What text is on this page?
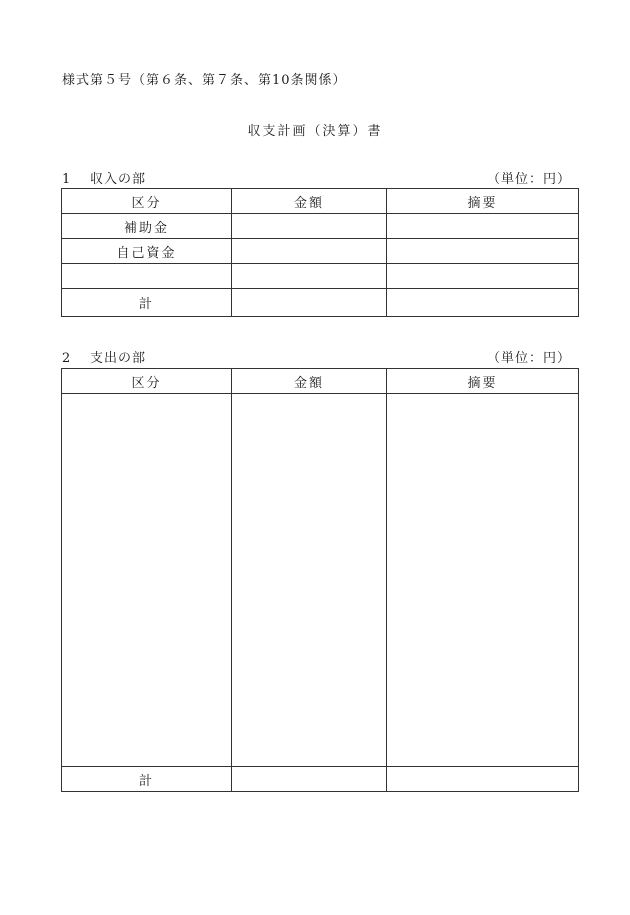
様式第５号（第６条、第７条、第10条関係）
収支計画（決算）書
1 収入の部	（単位：円）
区分	金額	摘要
補助金		
自己資金		

計		
2 支出の部	（単位：円）
区分	金額	摘要

計		
